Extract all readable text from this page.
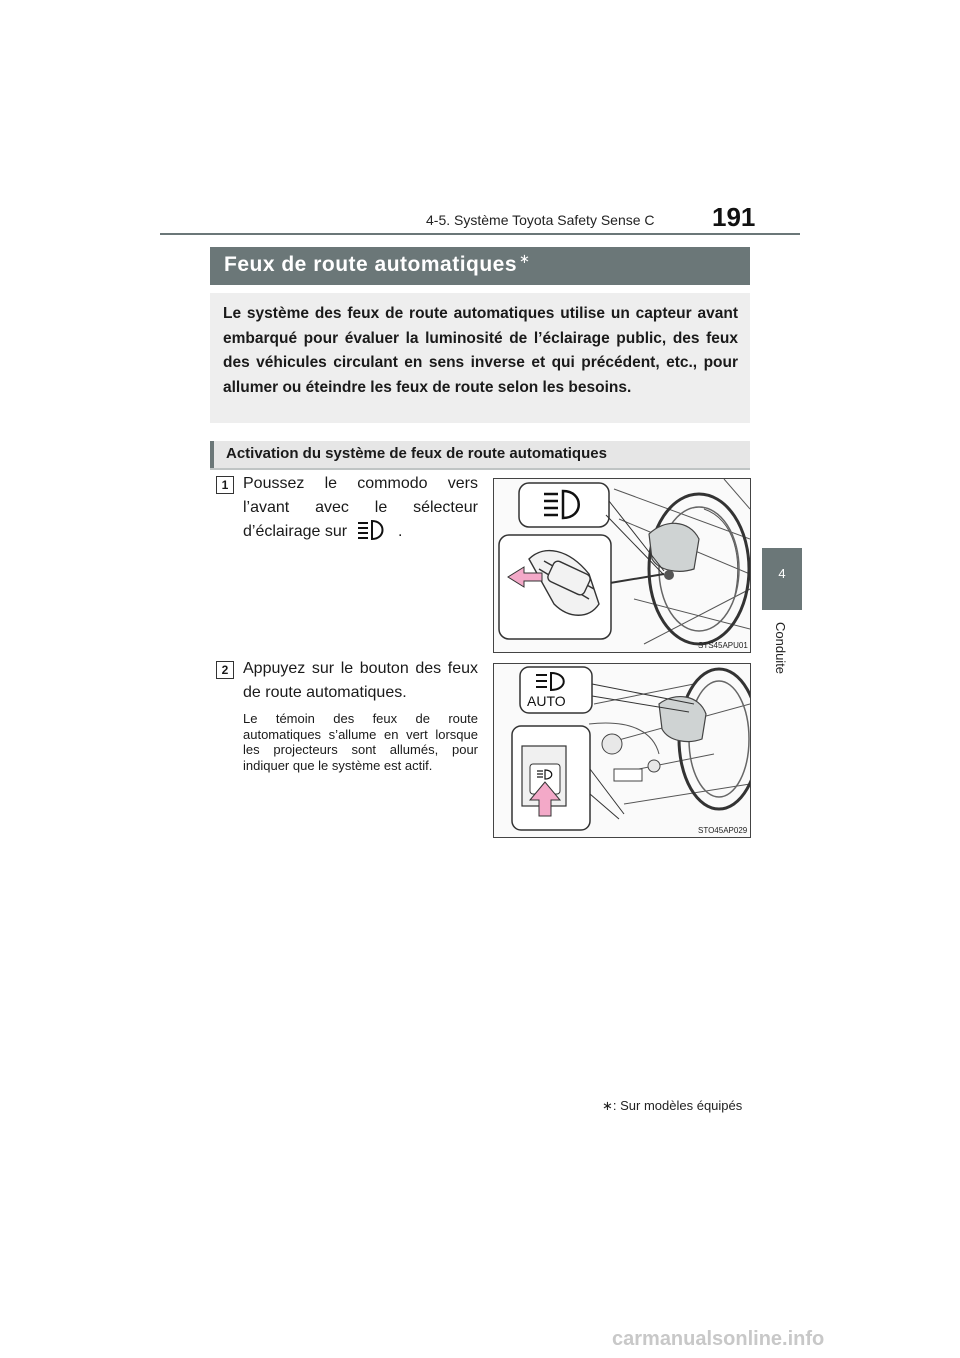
4-5. Système Toyota Safety Sense C 191
4
Conduite
Feux de route automatiques ∗
Le système des feux de route automatiques utilise un capteur avant embarqué pour évaluer la luminosité de l’éclairage public, des feux des véhicules circulant en sens inverse et qui précédent, etc., pour allumer ou éteindre les feux de route selon les besoins.
Activation du système de feux de route automatiques
1 Poussez le commodo vers l’avant avec le sélecteur d’éclairage sur	.
STS45APU01
2 Appuyez sur le bouton des feux de route automatiques.
Le témoin des feux de route automatiques s’allume en vert lorsque les projecteurs sont allumés, pour indiquer que le système est actif.
AUTO
STO45AP029
∗: Sur modèles équipés
carmanualsonline.info
